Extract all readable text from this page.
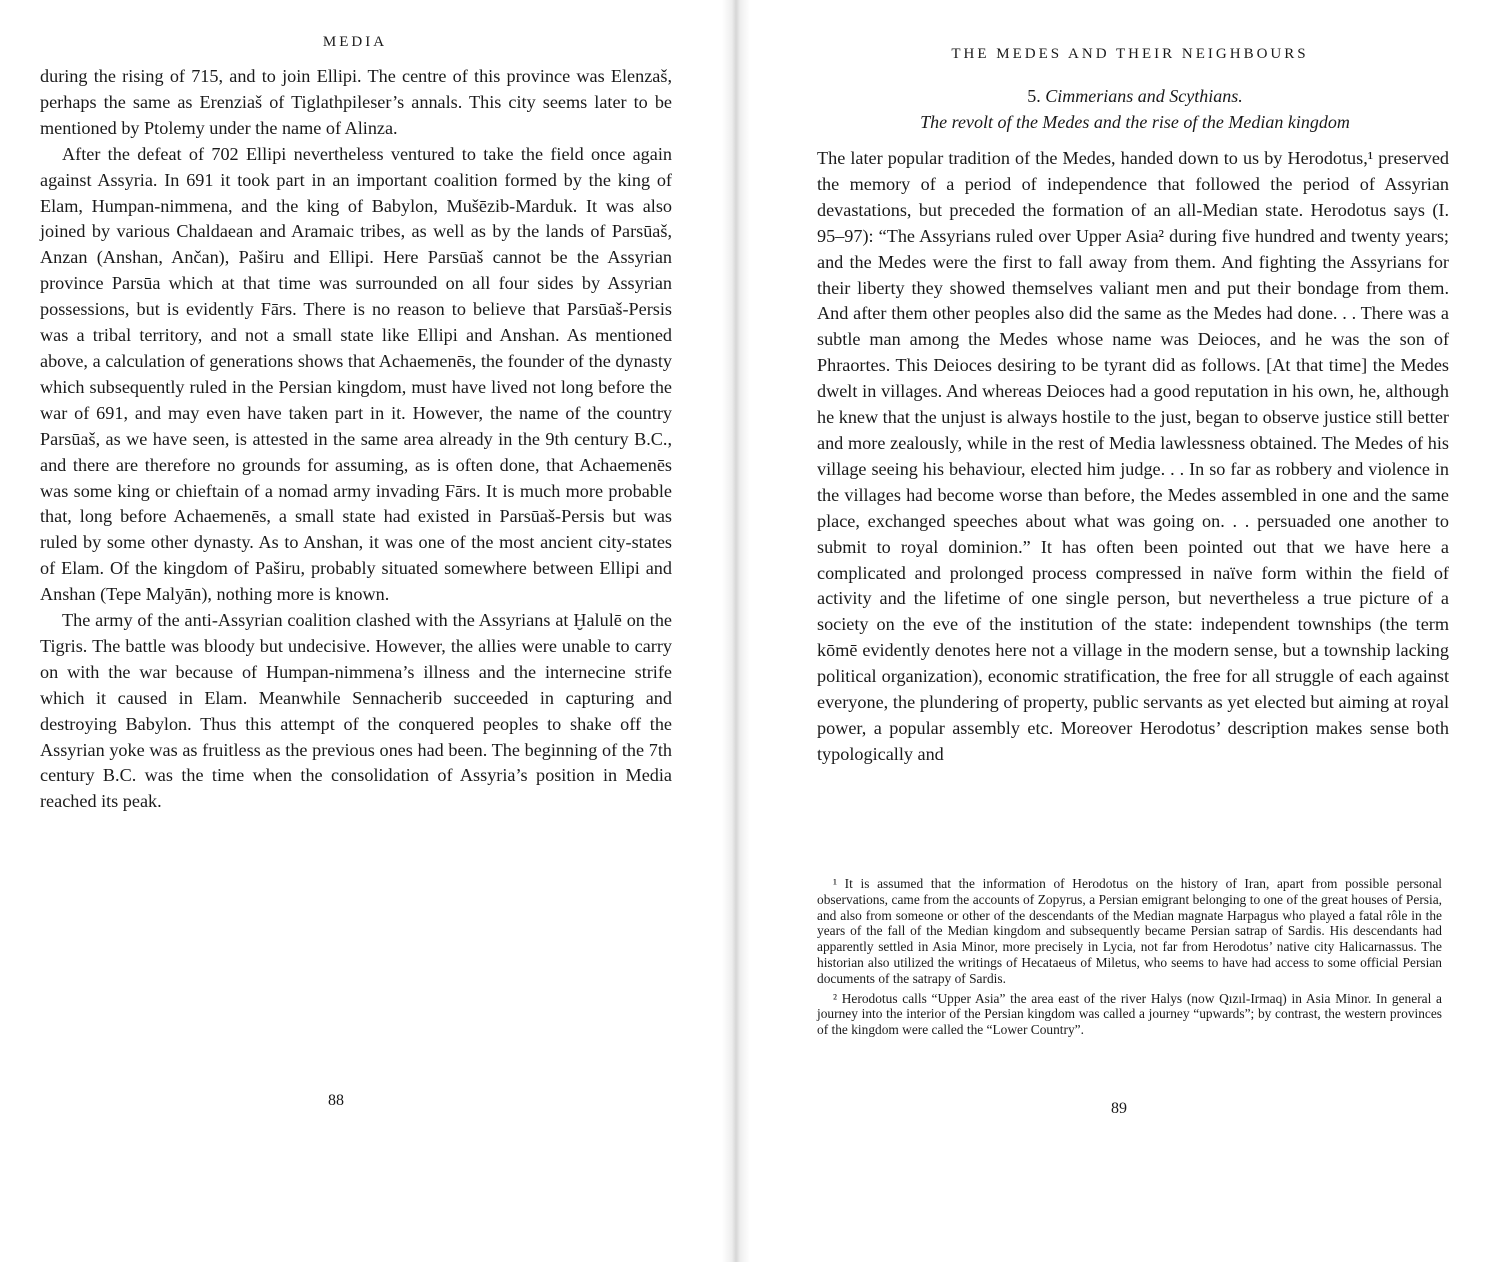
MEDIA

during the rising of 715, and to join Ellipi. The centre of this province was Elenzaš, perhaps the same as Erenziaš of Tiglathpileser’s annals. This city seems later to be mentioned by Ptolemy under the name of Alinza.

After the defeat of 702 Ellipi nevertheless ventured to take the field once again against Assyria. In 691 it took part in an important coalition formed by the king of Elam, Humpan-nimmena, and the king of Babylon, Mušēzib-Marduk. It was also joined by various Chaldaean and Aramaic tribes, as well as by the lands of Parsūaš, Anzan (Anshan, Ančan), Paširu and Ellipi. Here Parsūaš cannot be the Assyrian province Parsūa which at that time was surrounded on all four sides by Assyrian possessions, but is evidently Fārs. There is no reason to believe that Parsūaš-Persis was a tribal territory, and not a small state like Ellipi and Anshan. As mentioned above, a calculation of generations shows that Achaemenēs, the founder of the dynasty which subsequently ruled in the Persian kingdom, must have lived not long before the war of 691, and may even have taken part in it. However, the name of the country Parsūaš, as we have seen, is attested in the same area already in the 9th century B.C., and there are therefore no grounds for assuming, as is often done, that Achaemenēs was some king or chieftain of a nomad army invading Fārs. It is much more probable that, long before Achaemenēs, a small state had existed in Parsūaš-Persis but was ruled by some other dynasty. As to Anshan, it was one of the most ancient city-states of Elam. Of the kingdom of Paširu, probably situated somewhere between Ellipi and Anshan (Tepe Malyān), nothing more is known.

The army of the anti-Assyrian coalition clashed with the Assyrians at Ḫalulē on the Tigris. The battle was bloody but undecisive. However, the allies were unable to carry on with the war because of Humpan-nimmena’s illness and the internecine strife which it caused in Elam. Meanwhile Sennacherib succeeded in capturing and destroying Babylon. Thus this attempt of the conquered peoples to shake off the Assyrian yoke was as fruitless as the previous ones had been. The beginning of the 7th century B.C. was the time when the consolidation of Assyria’s position in Media reached its peak.

88
THE MEDES AND THEIR NEIGHBOURS
5. Cimmerians and Scythians.
The revolt of the Medes and the rise of the Median kingdom

The later popular tradition of the Medes, handed down to us by Herodotus,¹ preserved the memory of a period of independence that followed the period of Assyrian devastations, but preceded the formation of an all-Median state. Herodotus says (I. 95–97): “The Assyrians ruled over Upper Asia² during five hundred and twenty years; and the Medes were the first to fall away from them. And fighting the Assyrians for their liberty they showed themselves valiant men and put their bondage from them. And after them other peoples also did the same as the Medes had done. . . There was a subtle man among the Medes whose name was Deioces, and he was the son of Phraortes. This Deioces desiring to be tyrant did as follows. [At that time] the Medes dwelt in villages. And whereas Deioces had a good reputation in his own, he, although he knew that the unjust is always hostile to the just, began to observe justice still better and more zealously, while in the rest of Media lawlessness obtained. The Medes of his village seeing his behaviour, elected him judge. . . In so far as robbery and violence in the villages had become worse than before, the Medes assembled in one and the same place, exchanged speeches about what was going on. . . persuaded one another to submit to royal dominion.” It has often been pointed out that we have here a complicated and prolonged process compressed in naïve form within the field of activity and the lifetime of one single person, but nevertheless a true picture of a society on the eve of the institution of the state: independent townships (the term kōmē evidently denotes here not a village in the modern sense, but a township lacking political organization), economic stratification, the free for all struggle of each against everyone, the plundering of property, public servants as yet elected but aiming at royal power, a popular assembly etc. Moreover Herodotus’ description makes sense both typologically and

¹ It is assumed that the information of Herodotus on the history of Iran, apart from possible personal observations, came from the accounts of Zopyrus, a Persian emigrant belonging to one of the great houses of Persia, and also from someone or other of the descendants of the Median magnate Harpagus who played a fatal rôle in the years of the fall of the Median kingdom and subsequently became Persian satrap of Sardis. His descendants had apparently settled in Asia Minor, more precisely in Lycia, not far from Herodotus’ native city Halicarnassus. The historian also utilized the writings of Hecataeus of Miletus, who seems to have had access to some official Persian documents of the satrapy of Sardis.

² Herodotus calls “Upper Asia” the area east of the river Halys (now Qızıl-Irmaq) in Asia Minor. In general a journey into the interior of the Persian kingdom was called a journey “upwards”; by contrast, the western provinces of the kingdom were called the “Lower Country”.

89
